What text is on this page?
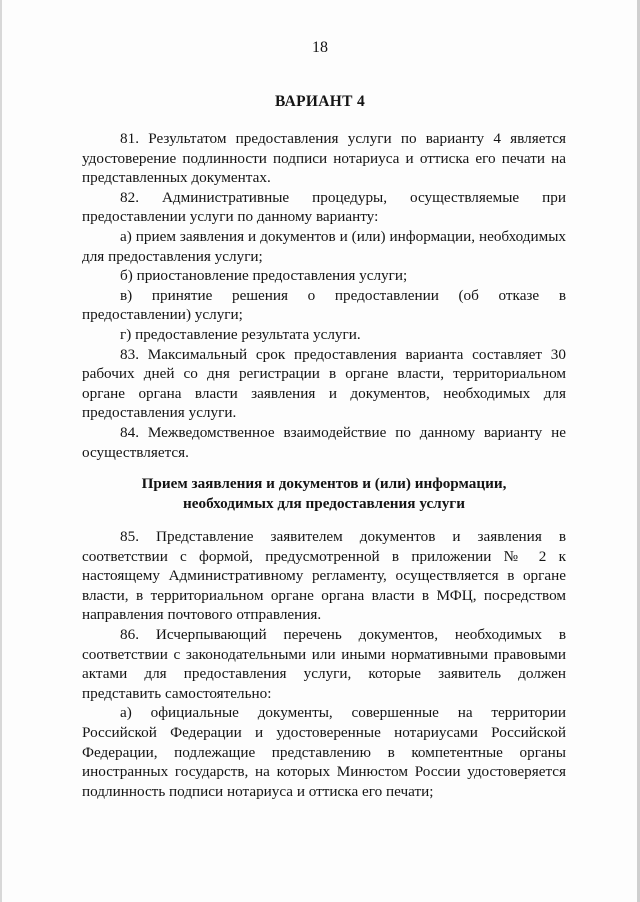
18
ВАРИАНТ 4

81. Результатом предоставления услуги по варианту 4 является удостоверение подлинности подписи нотариуса и оттиска его печати на представленных документах.

82. Административные процедуры, осуществляемые при предоставлении услуги по данному варианту:

а) прием заявления и документов и (или) информации, необходимых для предоставления услуги;

б) приостановление предоставления услуги;

в) принятие решения о предоставлении (об отказе в предоставлении) услуги;

г) предоставление результата услуги.

83. Максимальный срок предоставления варианта составляет 30 рабочих дней со дня регистрации в органе власти, территориальном органе органа власти заявления и документов, необходимых для предоставления услуги.

84. Межведомственное взаимодействие по данному варианту не осуществляется.

Прием заявления и документов и (или) информации,
необходимых для предоставления услуги

85. Представление заявителем документов и заявления в соответствии с формой, предусмотренной в приложении № 2 к настоящему Административному регламенту, осуществляется в органе власти, в территориальном органе органа власти в МФЦ, посредством направления почтового отправления.

86. Исчерпывающий перечень документов, необходимых в соответствии с законодательными или иными нормативными правовыми актами для предоставления услуги, которые заявитель должен представить самостоятельно:

а) официальные документы, совершенные на территории Российской Федерации и удостоверенные нотариусами Российской Федерации, подлежащие представлению в компетентные органы иностранных государств, на которых Минюстом России удостоверяется подлинность подписи нотариуса и оттиска его печати;
